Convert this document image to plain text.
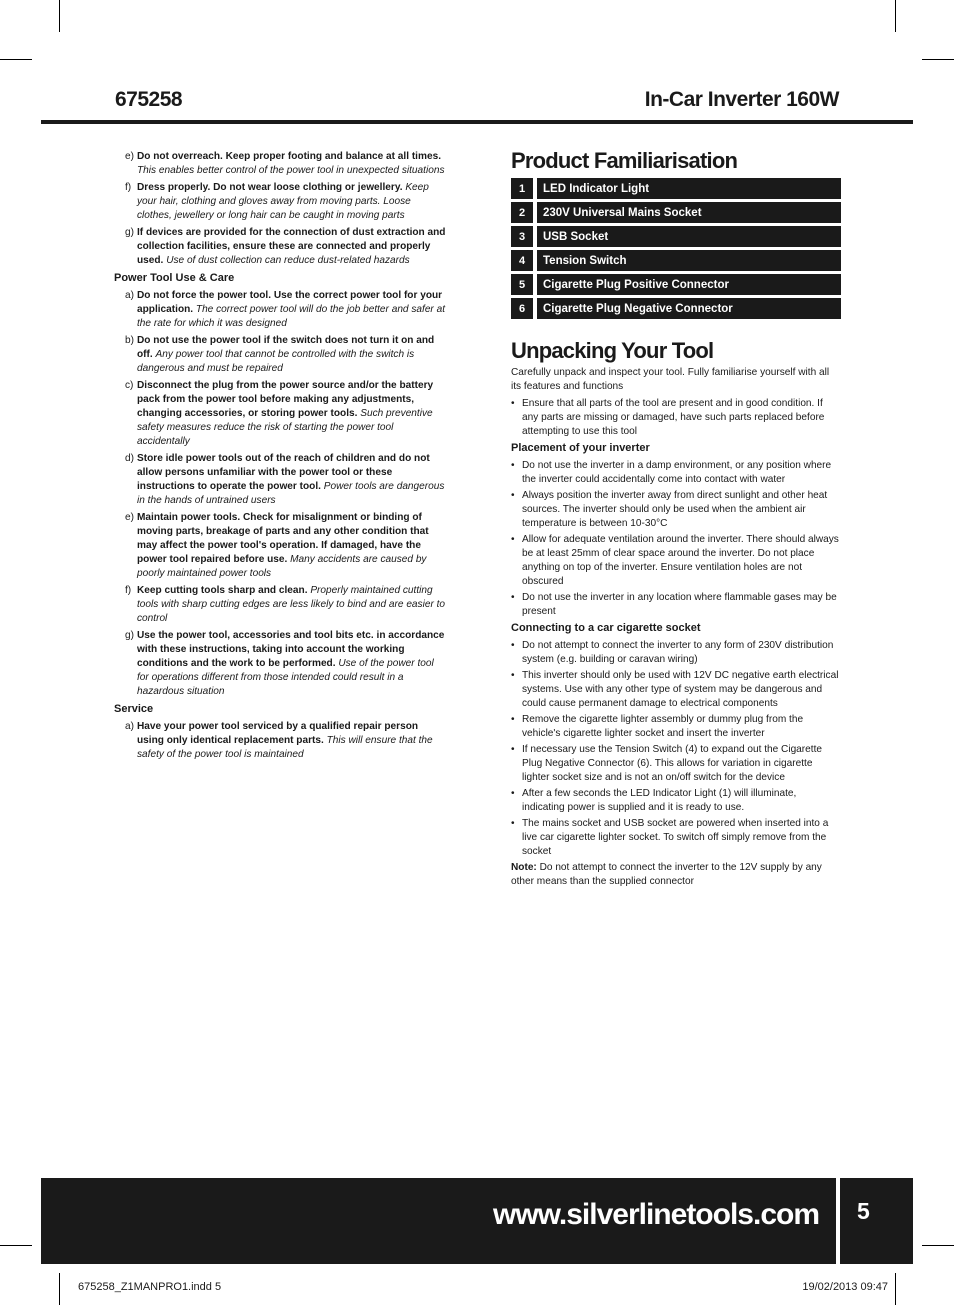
675258	In-Car Inverter 160W
e) Do not overreach. Keep proper footing and balance at all times. This enables better control of the power tool in unexpected situations
f) Dress properly. Do not wear loose clothing or jewellery. Keep your hair, clothing and gloves away from moving parts. Loose clothes, jewellery or long hair can be caught in moving parts
g) If devices are provided for the connection of dust extraction and collection facilities, ensure these are connected and properly used. Use of dust collection can reduce dust-related hazards
Power Tool Use & Care
a) Do not force the power tool. Use the correct power tool for your application. The correct power tool will do the job better and safer at the rate for which it was designed
b) Do not use the power tool if the switch does not turn it on and off. Any power tool that cannot be controlled with the switch is dangerous and must be repaired
c) Disconnect the plug from the power source and/or the battery pack from the power tool before making any adjustments, changing accessories, or storing power tools. Such preventive safety measures reduce the risk of starting the power tool accidentally
d) Store idle power tools out of the reach of children and do not allow persons unfamiliar with the power tool or these instructions to operate the power tool. Power tools are dangerous in the hands of untrained users
e) Maintain power tools. Check for misalignment or binding of moving parts, breakage of parts and any other condition that may affect the power tool's operation. If damaged, have the power tool repaired before use. Many accidents are caused by poorly maintained power tools
f) Keep cutting tools sharp and clean. Properly maintained cutting tools with sharp cutting edges are less likely to bind and are easier to control
g) Use the power tool, accessories and tool bits etc. in accordance with these instructions, taking into account the working conditions and the work to be performed. Use of the power tool for operations different from those intended could result in a hazardous situation
Service
a) Have your power tool serviced by a qualified repair person using only identical replacement parts. This will ensure that the safety of the power tool is maintained
Product Familiarisation
1	LED Indicator Light
2	230V Universal Mains Socket
3	USB Socket
4	Tension Switch
5	Cigarette Plug Positive Connector
6	Cigarette Plug Negative Connector
Unpacking Your Tool
Carefully unpack and inspect your tool. Fully familiarise yourself with all its features and functions
• Ensure that all parts of the tool are present and in good condition. If any parts are missing or damaged, have such parts replaced before attempting to use this tool
Placement of your inverter
• Do not use the inverter in a damp environment, or any position where the inverter could accidentally come into contact with water
• Always position the inverter away from direct sunlight and other heat sources. The inverter should only be used when the ambient air temperature is between 10-30°C
• Allow for adequate ventilation around the inverter. There should always be at least 25mm of clear space around the inverter. Do not place anything on top of the inverter. Ensure ventilation holes are not obscured
• Do not use the inverter in any location where flammable gases may be present
Connecting to a car cigarette socket
• Do not attempt to connect the inverter to any form of 230V distribution system (e.g. building or caravan wiring)
• This inverter should only be used with 12V DC negative earth electrical systems. Use with any other type of system may be dangerous and could cause permanent damage to electrical components
• Remove the cigarette lighter assembly or dummy plug from the vehicle's cigarette lighter socket and insert the inverter
• If necessary use the Tension Switch (4) to expand out the Cigarette Plug Negative Connector (6). This allows for variation in cigarette lighter socket size and is not an on/off switch for the device
• After a few seconds the LED Indicator Light (1) will illuminate, indicating power is supplied and it is ready to use.
• The mains socket and USB socket are powered when inserted into a live car cigarette lighter socket. To switch off simply remove from the socket
Note: Do not attempt to connect the inverter to the 12V supply by any other means than the supplied connector
www.silverlinetools.com 5
675258_Z1MANPRO1.indd 5	19/02/2013 09:47
